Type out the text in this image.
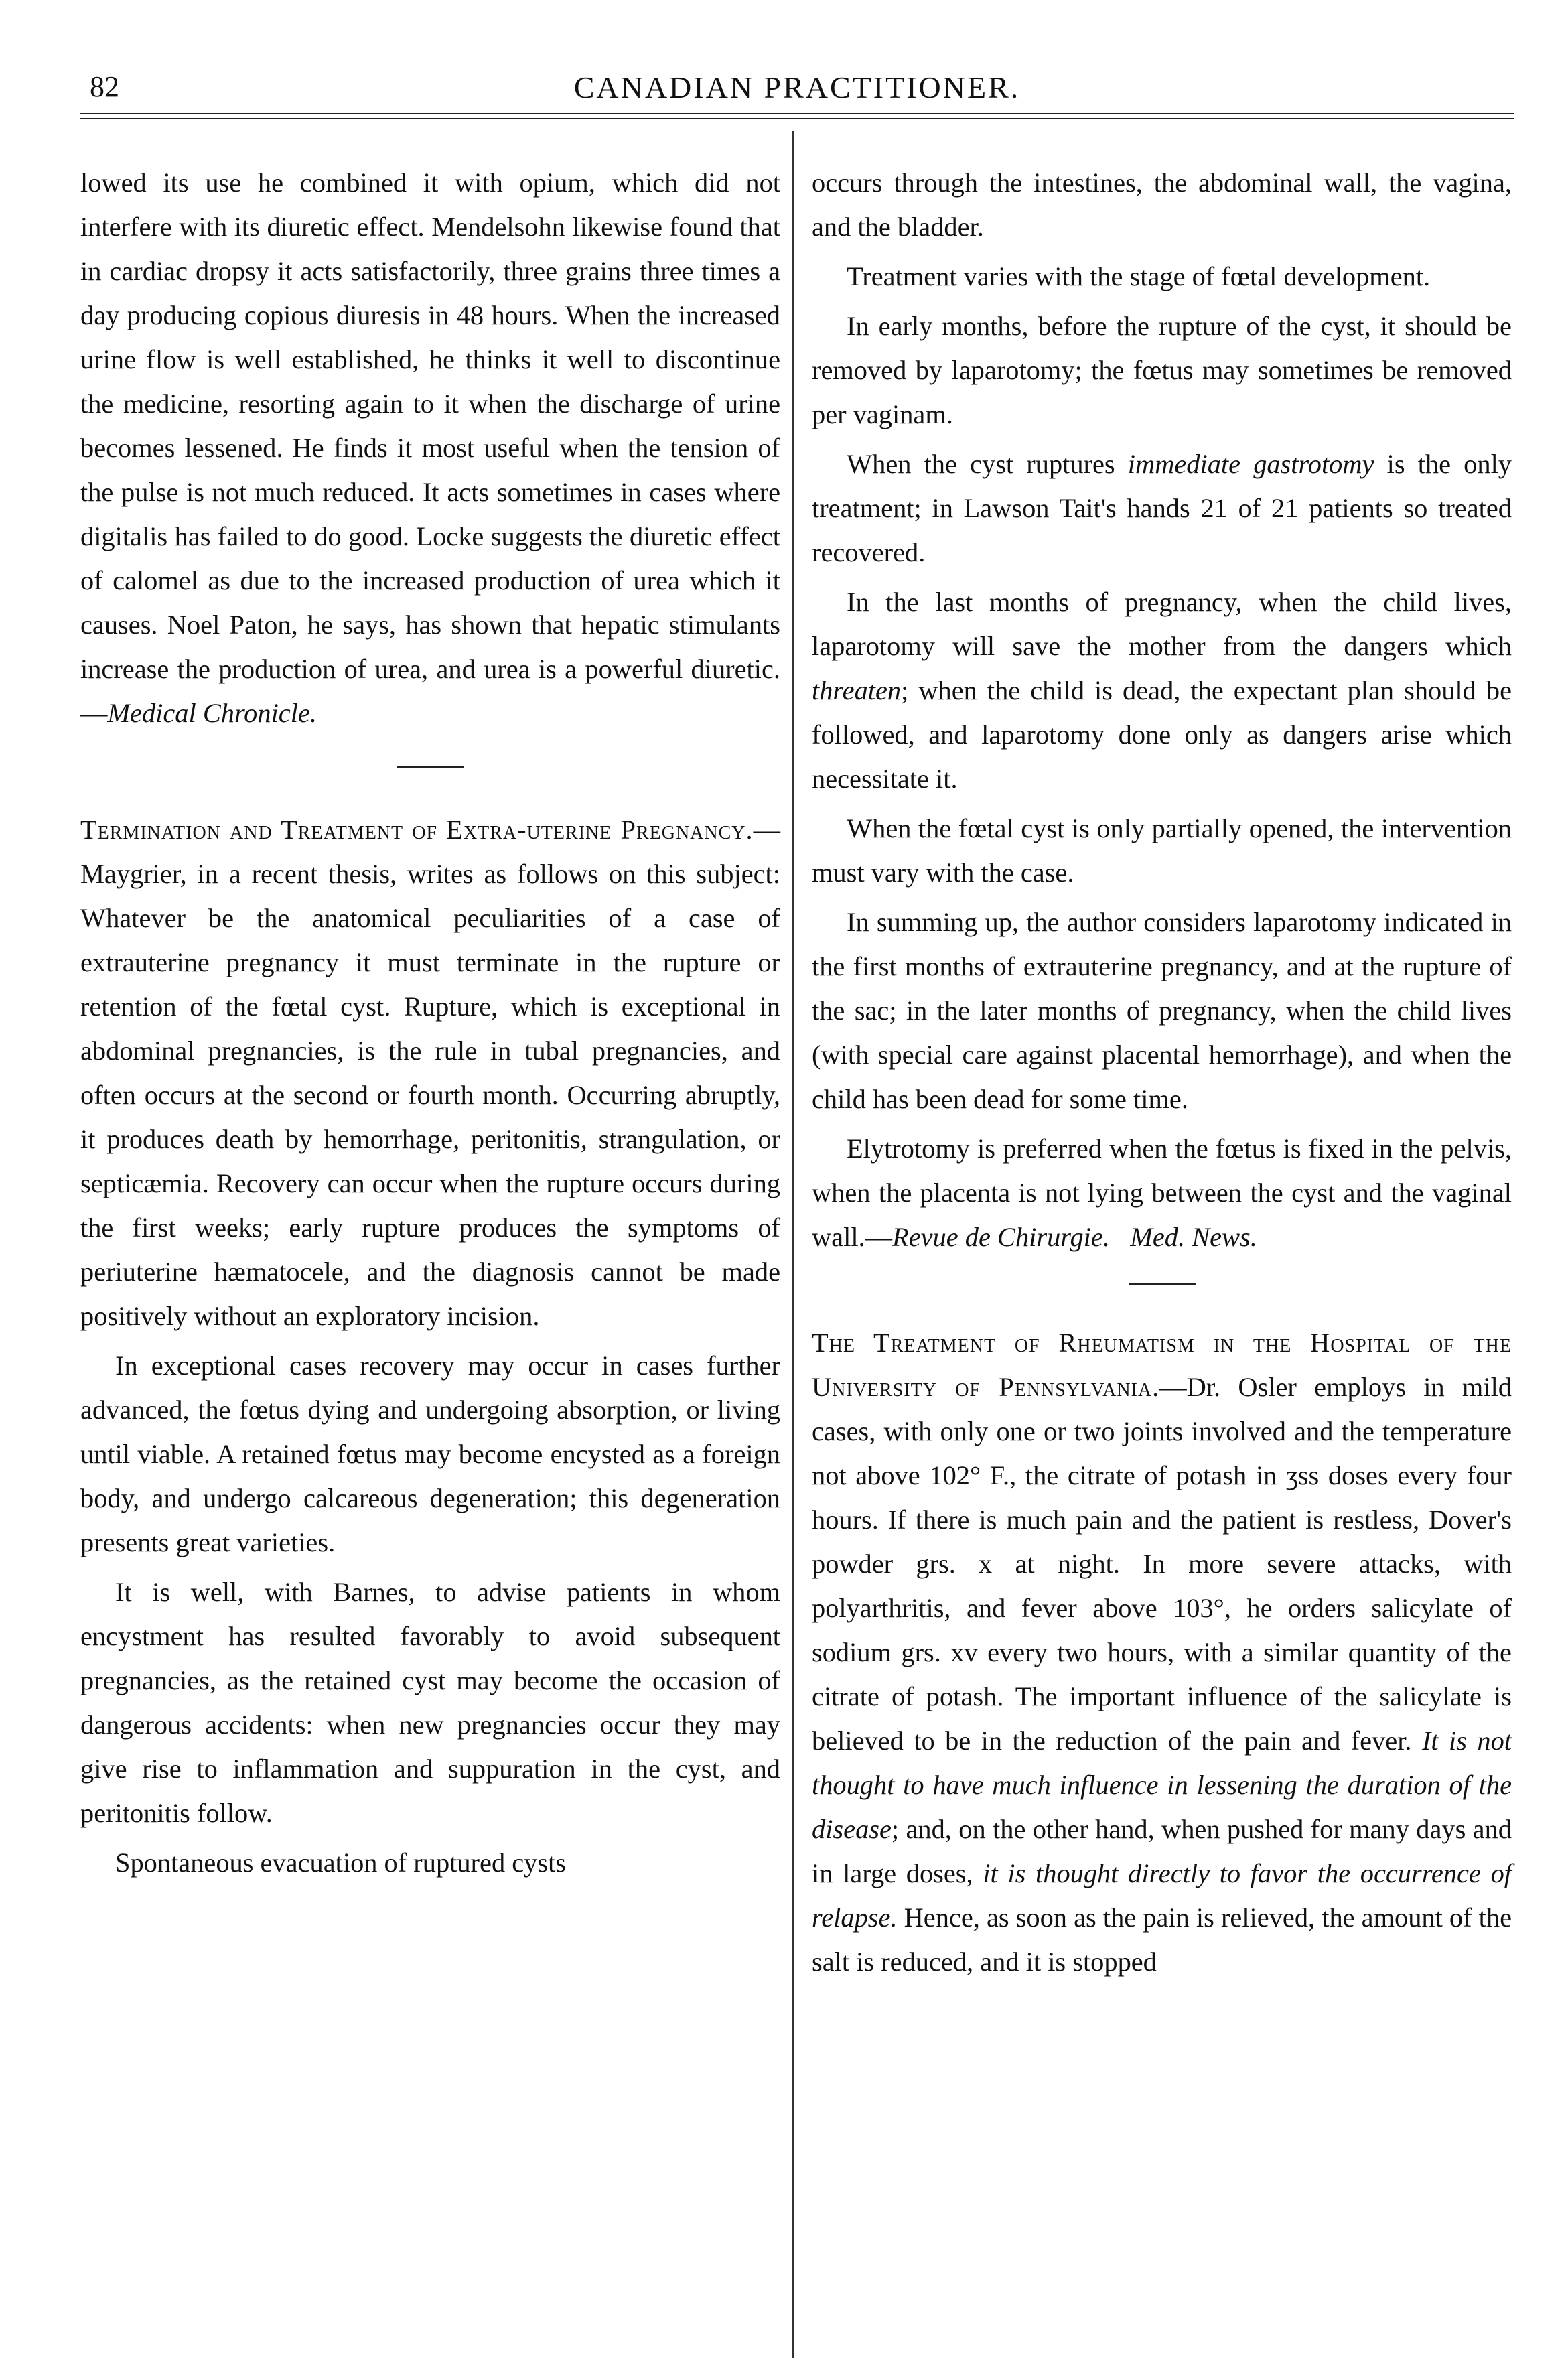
82	CANADIAN PRACTITIONER.

lowed its use he combined it with opium, which did not interfere with its diuretic effect. Mendelsohn likewise found that in cardiac dropsy it acts satisfactorily, three grains three times a day producing copious diuresis in 48 hours. When the increased urine flow is well established, he thinks it well to discontinue the medicine, resorting again to it when the discharge of urine becomes lessened. He finds it most useful when the tension of the pulse is not much reduced. It acts sometimes in cases where digitalis has failed to do good. Locke suggests the diuretic effect of calomel as due to the increased production of urea which it causes. Noel Paton, he says, has shown that hepatic stimulants increase the production of urea, and urea is a powerful diuretic.—Medical Chronicle.

Termination and Treatment of Extra-uterine Pregnancy.—Maygrier, in a recent thesis, writes as follows on this subject: Whatever be the anatomical peculiarities of a case of extrauterine pregnancy it must terminate in the rupture or retention of the fœtal cyst. Rupture, which is exceptional in abdominal pregnancies, is the rule in tubal pregnancies, and often occurs at the second or fourth month. Occurring abruptly, it produces death by hemorrhage, peritonitis, strangulation, or septicæmia. Recovery can occur when the rupture occurs during the first weeks; early rupture produces the symptoms of periuterine hæmatocele, and the diagnosis cannot be made positively without an exploratory incision.

In exceptional cases recovery may occur in cases further advanced, the fœtus dying and undergoing absorption, or living until viable. A retained fœtus may become encysted as a foreign body, and undergo calcareous degeneration; this degeneration presents great varieties.

It is well, with Barnes, to advise patients in whom encystment has resulted favorably to avoid subsequent pregnancies, as the retained cyst may become the occasion of dangerous accidents: when new pregnancies occur they may give rise to inflammation and suppuration in the cyst, and peritonitis follow.

Spontaneous evacuation of ruptured cysts

occurs through the intestines, the abdominal wall, the vagina, and the bladder.

Treatment varies with the stage of fœtal development.

In early months, before the rupture of the cyst, it should be removed by laparotomy; the fœtus may sometimes be removed per vaginam.

When the cyst ruptures immediate gastrotomy is the only treatment; in Lawson Tait's hands 21 of 21 patients so treated recovered.

In the last months of pregnancy, when the child lives, laparotomy will save the mother from the dangers which threaten; when the child is dead, the expectant plan should be followed, and laparotomy done only as dangers arise which necessitate it.

When the fœtal cyst is only partially opened, the intervention must vary with the case.

In summing up, the author considers laparotomy indicated in the first months of extrauterine pregnancy, and at the rupture of the sac; in the later months of pregnancy, when the child lives (with special care against placental hemorrhage), and when the child has been dead for some time.

Elytrotomy is preferred when the fœtus is fixed in the pelvis, when the placenta is not lying between the cyst and the vaginal wall.—Revue de Chirurgie. Med. News.

The Treatment of Rheumatism in the Hospital of the University of Pennsylvania.—Dr. Osler employs in mild cases, with only one or two joints involved and the temperature not above 102° F., the citrate of potash in ʒss doses every four hours. If there is much pain and the patient is restless, Dover's powder grs. x at night. In more severe attacks, with polyarthritis, and fever above 103°, he orders salicylate of sodium grs. xv every two hours, with a similar quantity of the citrate of potash. The important influence of the salicylate is believed to be in the reduction of the pain and fever. It is not thought to have much influence in lessening the duration of the disease; and, on the other hand, when pushed for many days and in large doses, it is thought directly to favor the occurrence of relapse. Hence, as soon as the pain is relieved, the amount of the salt is reduced, and it is stopped
